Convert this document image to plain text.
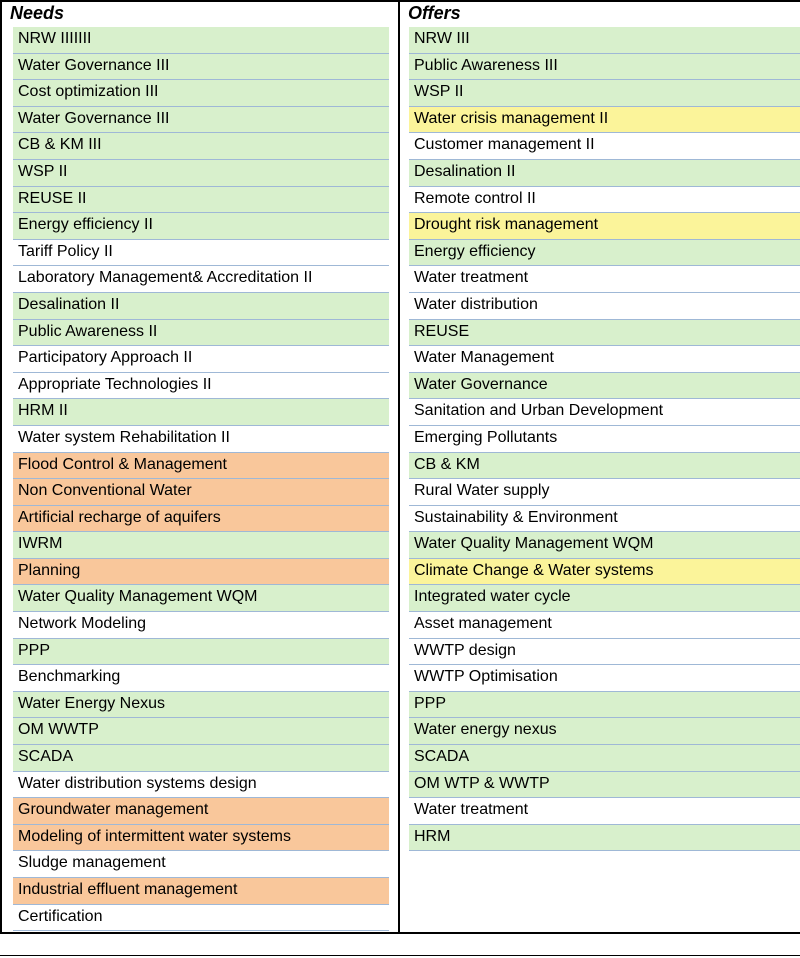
Needs	Offers
NRW IIIIIII
Water Governance III
Cost optimization III
Water Governance III
CB & KM III
WSP II
REUSE II
Energy efficiency II
Tariff Policy II
Laboratory Management& Accreditation II
Desalination II
Public Awareness II
Participatory Approach II
Appropriate Technologies II
HRM II
Water system Rehabilitation II
Flood Control & Management
Non Conventional Water
Artificial recharge of aquifers
IWRM
Planning
Water Quality Management WQM
Network Modeling
PPP
Benchmarking
Water Energy Nexus
OM WWTP
SCADA
Water distribution systems design
Groundwater management
Modeling of intermittent water systems
Sludge management
Industrial effluent management
Certification
NRW III
Public Awareness III
WSP II
Water crisis management II
Customer management II
Desalination II
Remote control II
Drought risk management
Energy efficiency
Water treatment
Water distribution
REUSE
Water Management
Water Governance
Sanitation and Urban Development
Emerging Pollutants
CB & KM
Rural Water supply
Sustainability & Environment
Water Quality Management WQM
Climate Change & Water systems
Integrated water cycle
Asset management
WWTP design
WWTP Optimisation
PPP
Water energy nexus
SCADA
OM WTP & WWTP
Water treatment
HRM
